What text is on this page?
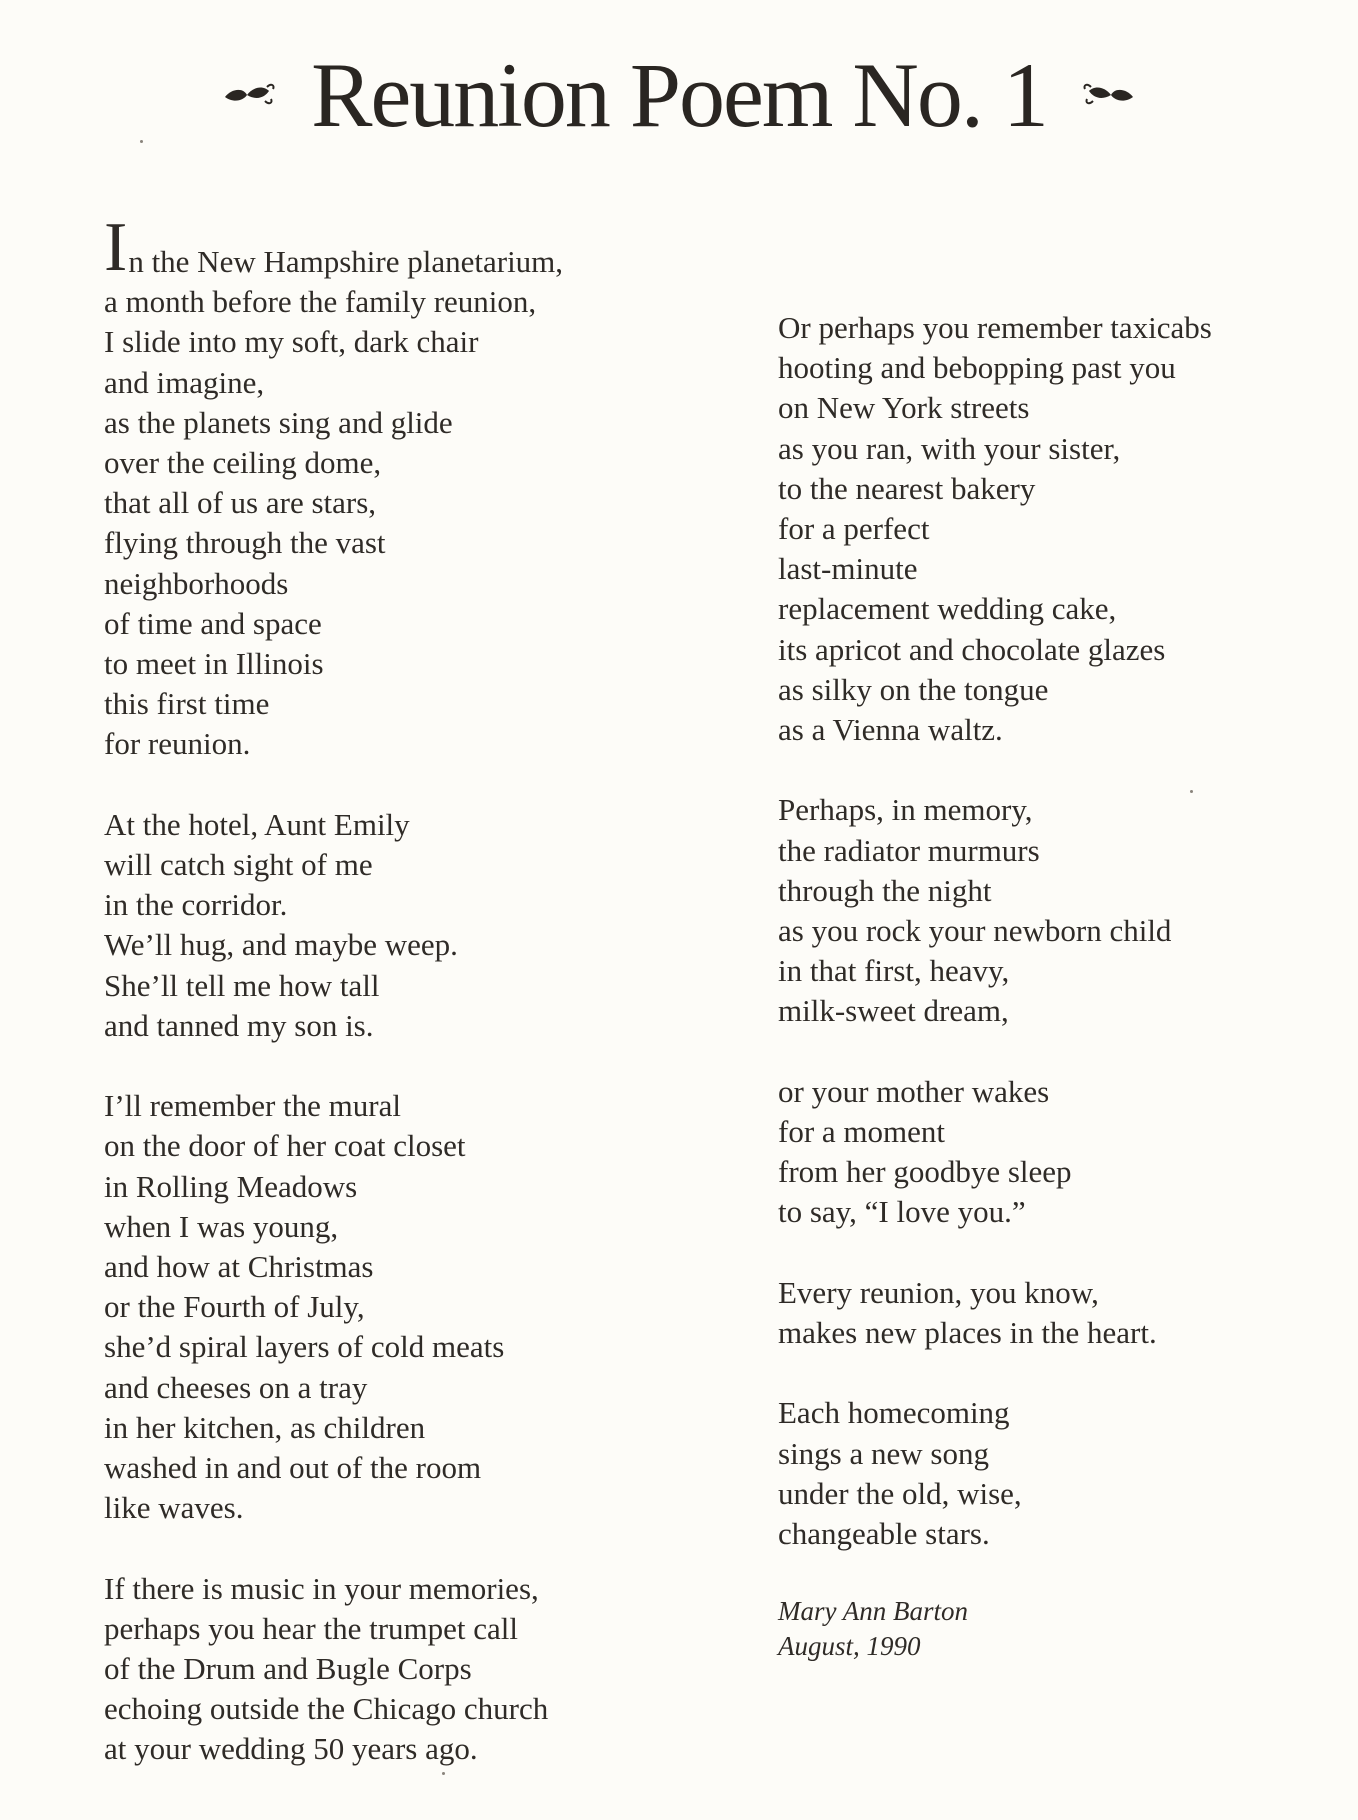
Reunion Poem No. 1
In the New Hampshire planetarium,
a month before the family reunion,
I slide into my soft, dark chair
and imagine,
as the planets sing and glide
over the ceiling dome,
that all of us are stars,
flying through the vast
neighborhoods
of time and space
to meet in Illinois
this first time
for reunion.
At the hotel, Aunt Emily
will catch sight of me
in the corridor.
We’ll hug, and maybe weep.
She’ll tell me how tall
and tanned my son is.
I’ll remember the mural
on the door of her coat closet
in Rolling Meadows
when I was young,
and how at Christmas
or the Fourth of July,
she’d spiral layers of cold meats
and cheeses on a tray
in her kitchen, as children
washed in and out of the room
like waves.
If there is music in your memories,
perhaps you hear the trumpet call
of the Drum and Bugle Corps
echoing outside the Chicago church
at your wedding 50 years ago.
Or perhaps you remember taxicabs
hooting and bebopping past you
on New York streets
as you ran, with your sister,
to the nearest bakery
for a perfect
last-minute
replacement wedding cake,
its apricot and chocolate glazes
as silky on the tongue
as a Vienna waltz.
Perhaps, in memory,
the radiator murmurs
through the night
as you rock your newborn child
in that first, heavy,
milk-sweet dream,
or your mother wakes
for a moment
from her goodbye sleep
to say, “I love you.”
Every reunion, you know,
makes new places in the heart.
Each homecoming
sings a new song
under the old, wise,
changeable stars.
Mary Ann Barton
August, 1990
